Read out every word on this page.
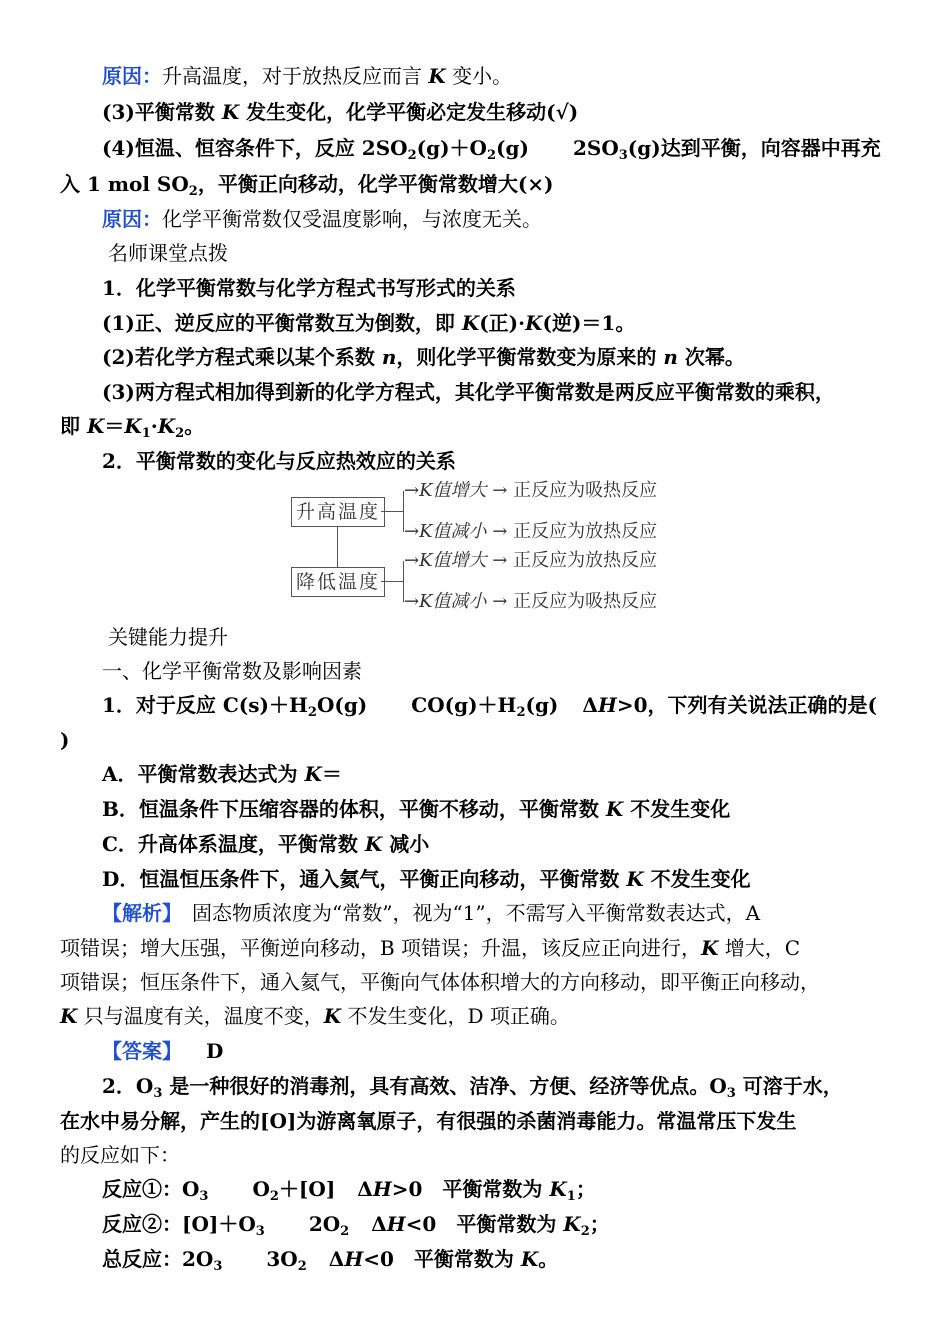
原因：升高温度，对于放热反应而言 K 变小。
(3)平衡常数 K 发生变化，化学平衡必定发生移动(√)
(4)恒温、恒容条件下，反应 $2SO_2(g)+O_2(g)$ $2SO_3(g)$达到平衡，向容器中再充
入 1 mol $SO_2$，平衡正向移动，化学平衡常数增大(×)
原因：化学平衡常数仅受温度影响，与浓度无关。
名师课堂点拨
1．化学平衡常数与化学方程式书写形式的关系
(1)正、逆反应的平衡常数互为倒数，即 K(正)·K(逆)＝1。
(2)若化学方程式乘以某个系数 n，则化学平衡常数变为原来的 n 次幂。
(3)两方程式相加得到新的化学方程式，其化学平衡常数是两反应平衡常数的乘积，
即 $K=K_1\cdot K_2$。
2．平衡常数的变化与反应热效应的关系
升高温度
降低温度
→K值增大 → 正反应为吸热反应
→K值减小 → 正反应为放热反应
→K值增大 → 正反应为放热反应
→K值减小 → 正反应为吸热反应
关键能力提升
一、化学平衡常数及影响因素
1．对于反应 $C(s)+H_2O(g)$ $CO(g)+H_2(g)$ ΔH>0，下列有关说法正确的是(
)
A．平衡常数表达式为 K＝
B．恒温条件下压缩容器的体积，平衡不移动，平衡常数 K 不发生变化
C．升高体系温度，平衡常数 K 减小
D．恒温恒压条件下，通入氦气，平衡正向移动，平衡常数 K 不发生变化
【解析】　固态物质浓度为“常数”，视为“1”，不需写入平衡常数表达式，A
项错误；增大压强，平衡逆向移动，B 项错误；升温，该反应正向进行，K 增大，C
项错误；恒压条件下，通入氦气，平衡向气体体积增大的方向移动，即平衡正向移动，
K 只与温度有关，温度不变，K 不发生变化，D 项正确。
【答案】 D
2．$O_3$ 是一种很好的消毒剂，具有高效、洁净、方便、经济等优点。$O_3$ 可溶于水，
在水中易分解，产生的[O]为游离氧原子，有很强的杀菌消毒能力。常温常压下发生
的反应如下：
反应①：$O_3$ $O_2+[O]$ ΔH>0　平衡常数为 $K_1$；
反应②：$[O]+O_3$ $2O_2$ ΔH<0　平衡常数为 $K_2$；
总反应：$2O_3$ $3O_2$ ΔH<0　平衡常数为 K。
